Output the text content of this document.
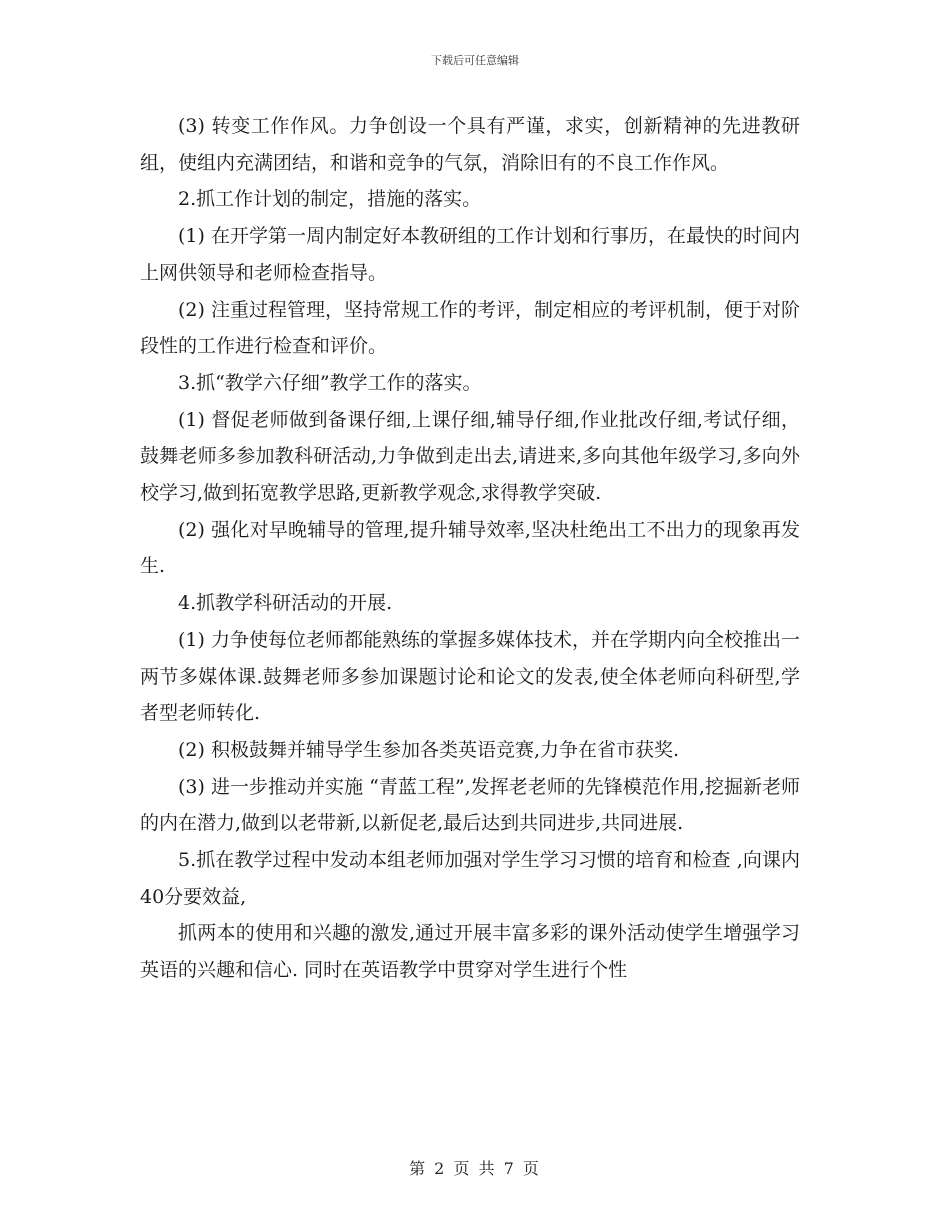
下载后可任意编辑

(3) 转变工作作风。力争创设一个具有严谨，求实，创新精神的先进教研组，使组内充满团结，和谐和竞争的气氛，消除旧有的不良工作作风。

2.抓工作计划的制定，措施的落实。

(1) 在开学第一周内制定好本教研组的工作计划和行事历，在最快的时间内上网供领导和老师检查指导。

(2) 注重过程管理，坚持常规工作的考评，制定相应的考评机制，便于对阶段性的工作进行检查和评价。

3.抓“教学六仔细”教学工作的落实。

(1) 督促老师做到备课仔细,上课仔细,辅导仔细,作业批改仔细,考试仔细，鼓舞老师多参加教科研活动,力争做到走出去,请进来,多向其他年级学习,多向外校学习,做到拓宽教学思路,更新教学观念,求得教学突破.

(2) 强化对早晚辅导的管理,提升辅导效率,坚决杜绝出工不出力的现象再发生.

4.抓教学科研活动的开展.

(1) 力争使每位老师都能熟练的掌握多媒体技术，并在学期内向全校推出一两节多媒体课.鼓舞老师多参加课题讨论和论文的发表,使全体老师向科研型,学者型老师转化.

(2) 积极鼓舞并辅导学生参加各类英语竞赛,力争在省市获奖.

(3) 进一步推动并实施 “青蓝工程”,发挥老老师的先锋模范作用,挖掘新老师的内在潜力,做到以老带新,以新促老,最后达到共同进步,共同进展.

5.抓在教学过程中发动本组老师加强对学生学习习惯的培育和检查 ,向课内40分要效益,

抓两本的使用和兴趣的激发,通过开展丰富多彩的课外活动使学生增强学习英语的兴趣和信心. 同时在英语教学中贯穿对学生进行个性

第 2 页 共 7 页
